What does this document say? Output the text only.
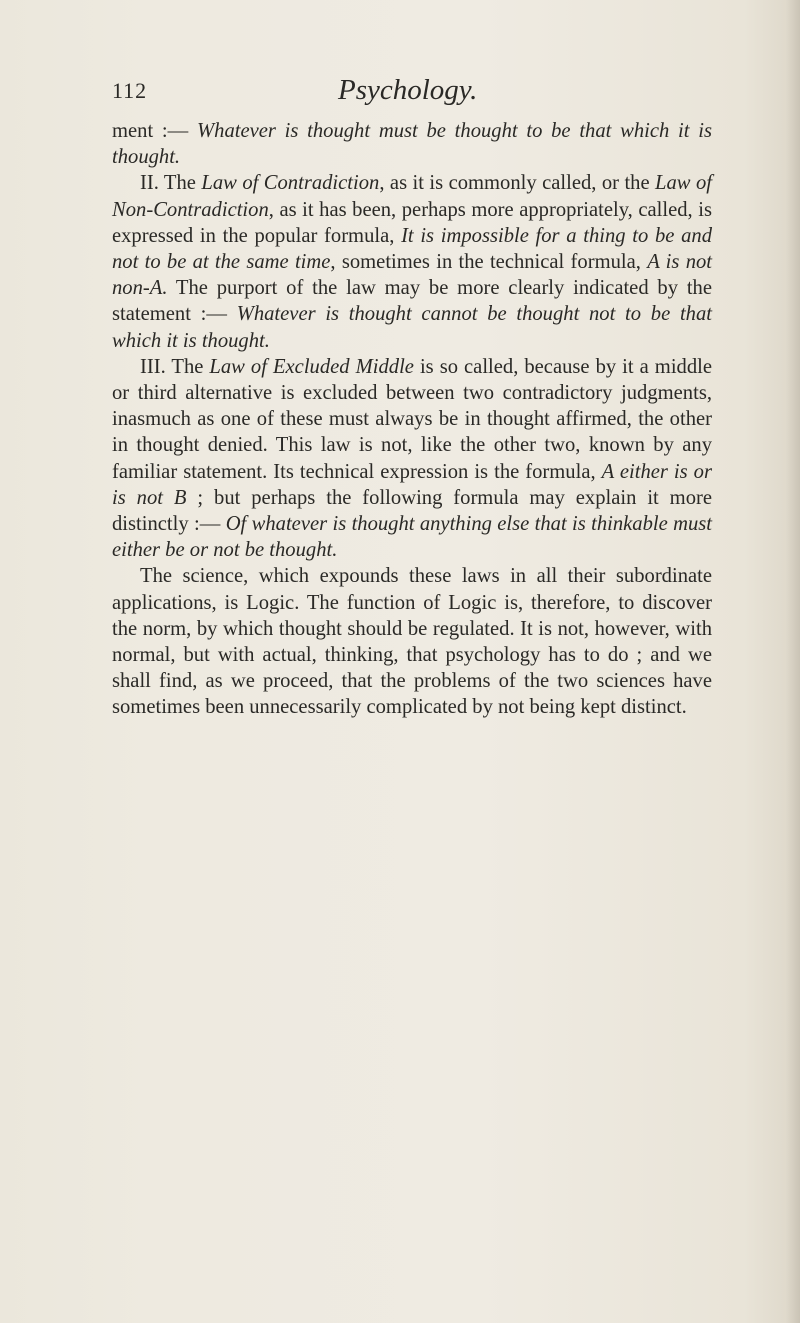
112	Psychology.

ment :— Whatever is thought must be thought to be that which it is thought.

II. The Law of Contradiction, as it is commonly called, or the Law of Non-Contradiction, as it has been, perhaps more appropriately, called, is expressed in the popular formula, It is impossible for a thing to be and not to be at the same time, sometimes in the technical formula, A is not non-A. The purport of the law may be more clearly indicated by the statement :— Whatever is thought cannot be thought not to be that which it is thought.

III. The Law of Excluded Middle is so called, because by it a middle or third alternative is excluded between two contradictory judgments, inasmuch as one of these must always be in thought affirmed, the other in thought denied. This law is not, like the other two, known by any familiar statement. Its technical expression is the formula, A either is or is not B ; but perhaps the following formula may explain it more distinctly :— Of whatever is thought anything else that is thinkable must either be or not be thought.

The science, which expounds these laws in all their subordinate applications, is Logic. The function of Logic is, therefore, to discover the norm, by which thought should be regulated. It is not, however, with normal, but with actual, thinking, that psychology has to do ; and we shall find, as we proceed, that the problems of the two sciences have sometimes been unnecessarily complicated by not being kept distinct.
